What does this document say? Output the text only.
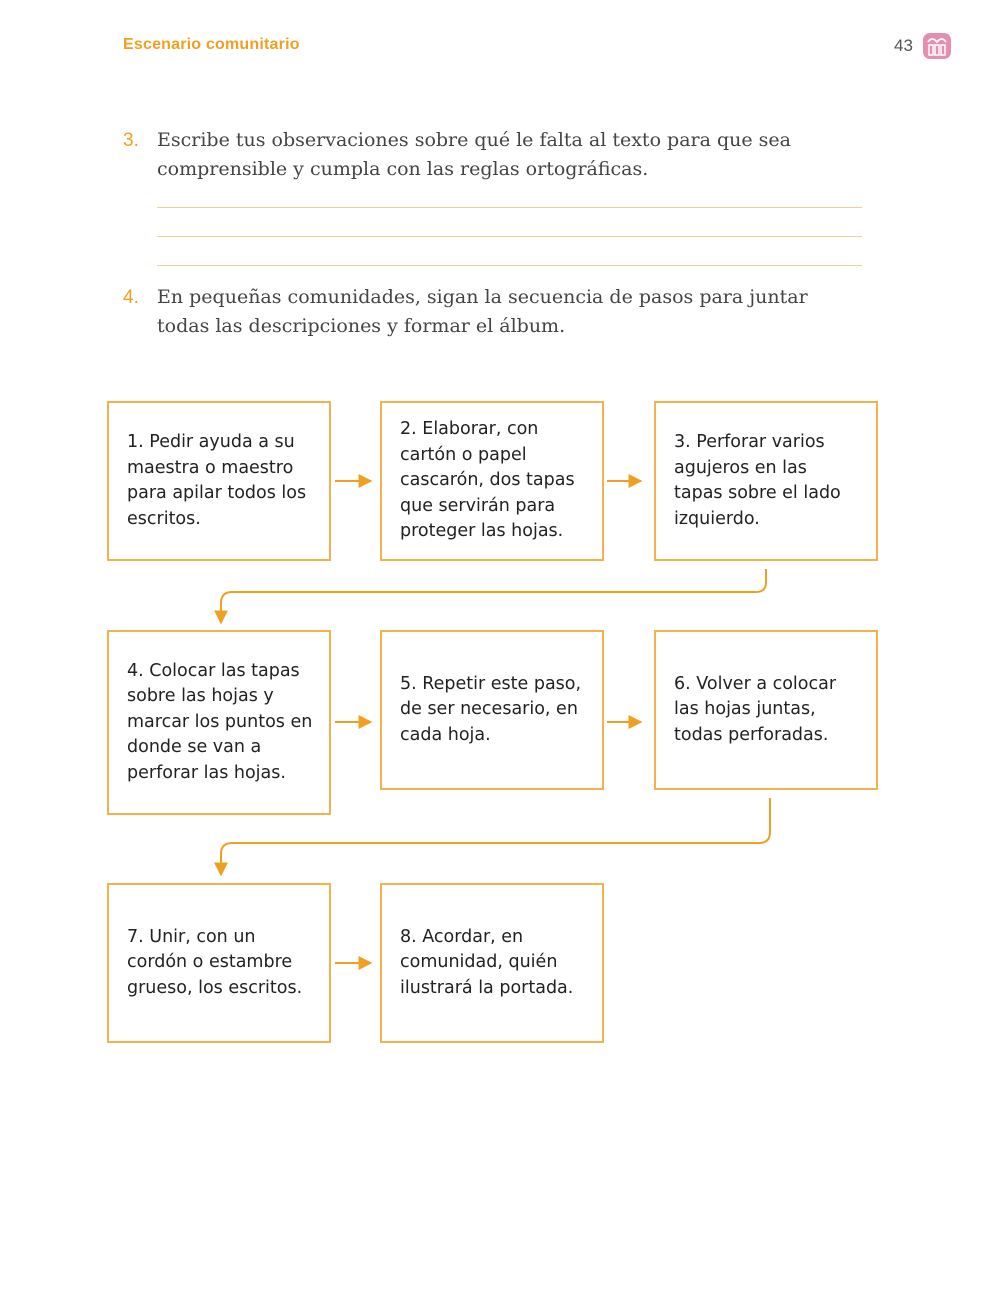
Escenario comunitario	43
3. Escribe tus observaciones sobre qué le falta al texto para que sea comprensible y cumpla con las reglas ortográficas.
4. En pequeñas comunidades, sigan la secuencia de pasos para juntar todas las descripciones y formar el álbum.
1. Pedir ayuda a su maestra o maestro para apilar todos los escritos.
2. Elaborar, con cartón o papel cascarón, dos tapas que servirán para proteger las hojas.
3. Perforar varios agujeros en las tapas sobre el lado izquierdo.
4. Colocar las tapas sobre las hojas y marcar los puntos en donde se van a perforar las hojas.
5. Repetir este paso, de ser necesario, en cada hoja.
6. Volver a colocar las hojas juntas, todas perforadas.
7. Unir, con un cordón o estambre grueso, los escritos.
8. Acordar, en comunidad, quién ilustrará la portada.
